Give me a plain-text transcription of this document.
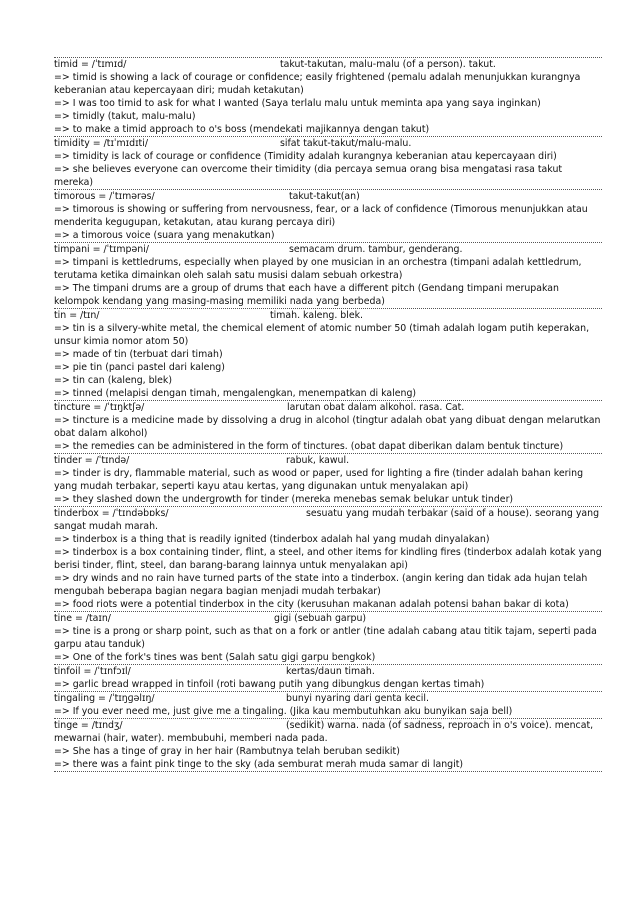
timid = /ˈtɪmɪd/	takut-takutan, malu-malu (of a person). takut.
=> timid is showing a lack of courage or confidence; easily frightened (pemalu adalah menunjukkan kurangnya keberanian atau kepercayaan diri; mudah ketakutan)
=> I was too timid to ask for what I wanted (Saya terlalu malu untuk meminta apa yang saya inginkan)
=> timidly (takut, malu-malu)
=> to make a timid approach to o's boss (mendekati majikannya dengan takut)
timidity = /tɪˈmɪdɪti/	sifat takut-takut/malu-malu.
=> timidity is lack of courage or confidence (Timidity adalah kurangnya keberanian atau kepercayaan diri)
=> she believes everyone can overcome their timidity (dia percaya semua orang bisa mengatasi rasa takut mereka)
timorous = /ˈtɪmərəs/	takut-takut(an)
=> timorous is showing or suffering from nervousness, fear, or a lack of confidence (Timorous menunjukkan atau menderita kegugupan, ketakutan, atau kurang percaya diri)
=> a timorous voice (suara yang menakutkan)
timpani = /ˈtɪmpəni/	semacam drum. tambur, genderang.
=> timpani is kettledrums, especially when played by one musician in an orchestra (timpani adalah kettledrum, terutama ketika dimainkan oleh salah satu musisi dalam sebuah orkestra)
=> The timpani drums are a group of drums that each have a different pitch (Gendang timpani merupakan kelompok kendang yang masing-masing memiliki nada yang berbeda)
tin = /tɪn/	timah. kaleng. blek.
=> tin is a silvery-white metal, the chemical element of atomic number 50 (timah adalah logam putih keperakan, unsur kimia nomor atom 50)
=> made of tin (terbuat dari timah)
=> pie tin (panci pastel dari kaleng)
=> tin can (kaleng, blek)
=> tinned (melapisi dengan timah, mengalengkan, menempatkan di kaleng)
tincture = /ˈtɪŋktʃə/	larutan obat dalam alkohol. rasa. Cat.
=> tincture is a medicine made by dissolving a drug in alcohol (tingtur adalah obat yang dibuat dengan melarutkan obat dalam alkohol)
=> the remedies can be administered in the form of tinctures. (obat dapat diberikan dalam bentuk tincture)
tinder = /ˈtɪndə/	rabuk, kawul.
=> tinder is dry, flammable material, such as wood or paper, used for lighting a fire (tinder adalah bahan kering yang mudah terbakar, seperti kayu atau kertas, yang digunakan untuk menyalakan api)
=> they slashed down the undergrowth for tinder (mereka menebas semak belukar untuk tinder)
tinderbox = /ˈtɪndəbɒks/	sesuatu yang mudah terbakar (said of a house). seorang yang sangat mudah marah.
=> tinderbox is a thing that is readily ignited (tinderbox adalah hal yang mudah dinyalakan)
=> tinderbox is a box containing tinder, flint, a steel, and other items for kindling fires (tinderbox adalah kotak yang berisi tinder, flint, steel, dan barang-barang lainnya untuk menyalakan api)
=> dry winds and no rain have turned parts of the state into a tinderbox. (angin kering dan tidak ada hujan telah mengubah beberapa bagian negara bagian menjadi mudah terbakar)
=> food riots were a potential tinderbox in the city (kerusuhan makanan adalah potensi bahan bakar di kota)
tine = /taɪn/	gigi (sebuah garpu)
=> tine is a prong or sharp point, such as that on a fork or antler (tine adalah cabang atau titik tajam, seperti pada garpu atau tanduk)
=> One of the fork's tines was bent (Salah satu gigi garpu bengkok)
tinfoil = /ˈtɪnfɔɪl/	kertas/daun timah.
=> garlic bread wrapped in tinfoil (roti bawang putih yang dibungkus dengan kertas timah)
tingaling = /ˈtɪŋɡəlɪŋ/	bunyi nyaring dari genta kecil.
=> If you ever need me, just give me a tingaling. (Jika kau membutuhkan aku bunyikan saja bell)
tinge = /tɪndʒ/	(sedikit) warna. nada (of sadness, reproach in o's voice). mencat, mewarnai (hair, water). membubuhi, memberi nada pada.
=> She has a tinge of gray in her hair (Rambutnya telah beruban sedikit)
=> there was a faint pink tinge to the sky (ada semburat merah muda samar di langit)
